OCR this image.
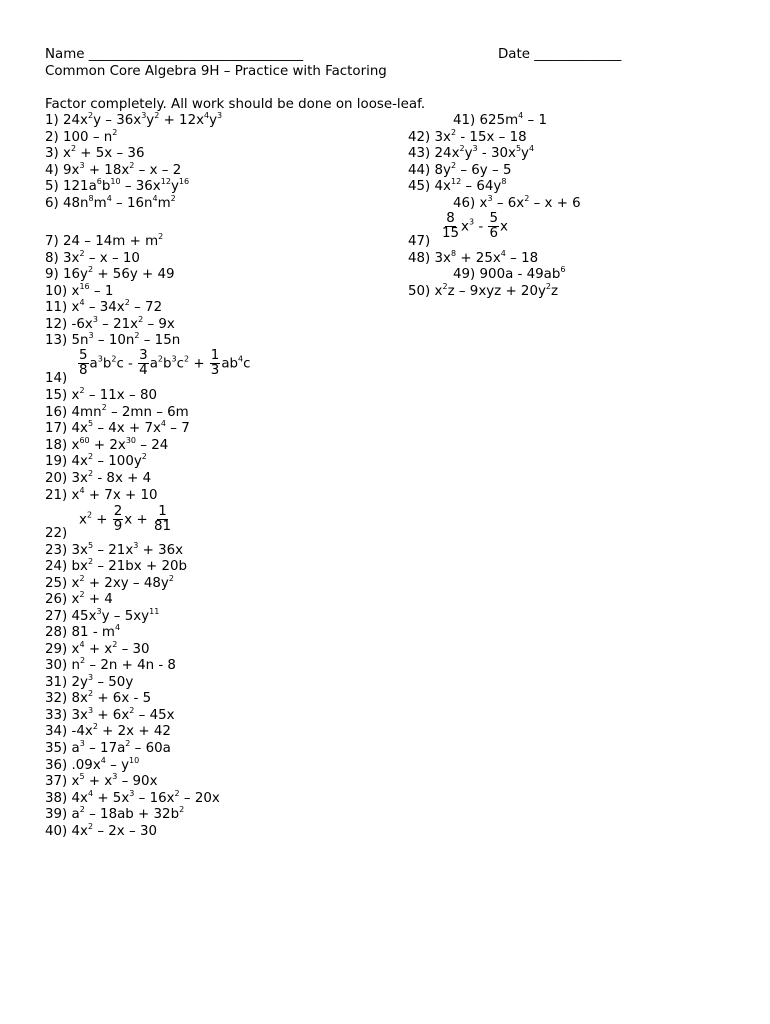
Name ________________________________	Date _____________
Common Core Algebra 9H – Practice with Factoring
Factor completely. All work should be done on loose-leaf.
1) $24x^2y - 36x^3y^2 + 12x^4y^3$
2) $100 - n^2$
3) $x^2 + 5x - 36$
4) $9x^3 + 18x^2 - x - 2$
5) $121a^6b^{10} - 36x^{12}y^{16}$
6) $48n^8m^4 - 16n^4m^2$
7) $24 - 14m + m^2$
8) $3x^2$ – x – 10
9) $16y^2 + 56y + 49$
10) $x^{16} - 1$
11) $x^4 - 34x^2 - 72$
12) $-6x^3 - 21x^2 - 9x$
13) $5n^3 - 10n^2 - 15n$
14)
$\frac{5}{8} a^3b^2c - \frac{3}{4} a^2b^3c^2 + \frac{1}{3} ab^4c$
15) $x^2 - 11x - 80$
16) $4mn^2 - 2mn - 6m$
17) $4x^5 - 4x + 7x^4 - 7$
18) $x^{60} + 2x^{30} - 24$
19) $4x^2 - 100y^2$
20) $3x^2 - 8x + 4$
21) $x^4 + 7x + 10$
22)
$x^2 + \frac{2}{9}$ $x + \frac{1}{81}$
23) $3x^5 - 21x^3 + 36x$
24) $bx^2 - 21bx + 20b$
25) $x^2 + 2xy - 48y^2$
26) $x^2 + 4$
27) $45x^3y - 5xy^{11}$
28) $81 - m^4$
29) $x^4 + x^2 - 30$
30) $n^2 - 2n + 4n - 8$
31) $2y^3 - 50y$
32) $8x^2 + 6x - 5$
33) $3x^3 + 6x^2 - 45x$
34) $-4x^2 + 2x + 42$
35) $a^3 - 17a^2 - 60a$
36) $.09x^4 - y^{10}$
37) $x^5 + x^3 - 90x$
38) $4x^4 + 5x^3 - 16x^2 - 20x$
39) $a^2 - 18ab + 32b^2$
40) $4x^2 - 2x - 30$
41) $625m^4 - 1$
42) $3x^2 - 15x - 18$
43) $24x^2y^3 - 30x^5y^4$
44) $8y^2 - 6y - 5$
45) $4x^{12} - 64y^8$
46) $x^3 - 6x^2 - x + 6$
47)
$\frac{8}{15} x^3 - \frac{5}{6}$ x
48) $3x^8 + 25x^4 - 18$
49) $900a - 49ab^6$
50) $x^2z - 9xyz + 20y^2z$
